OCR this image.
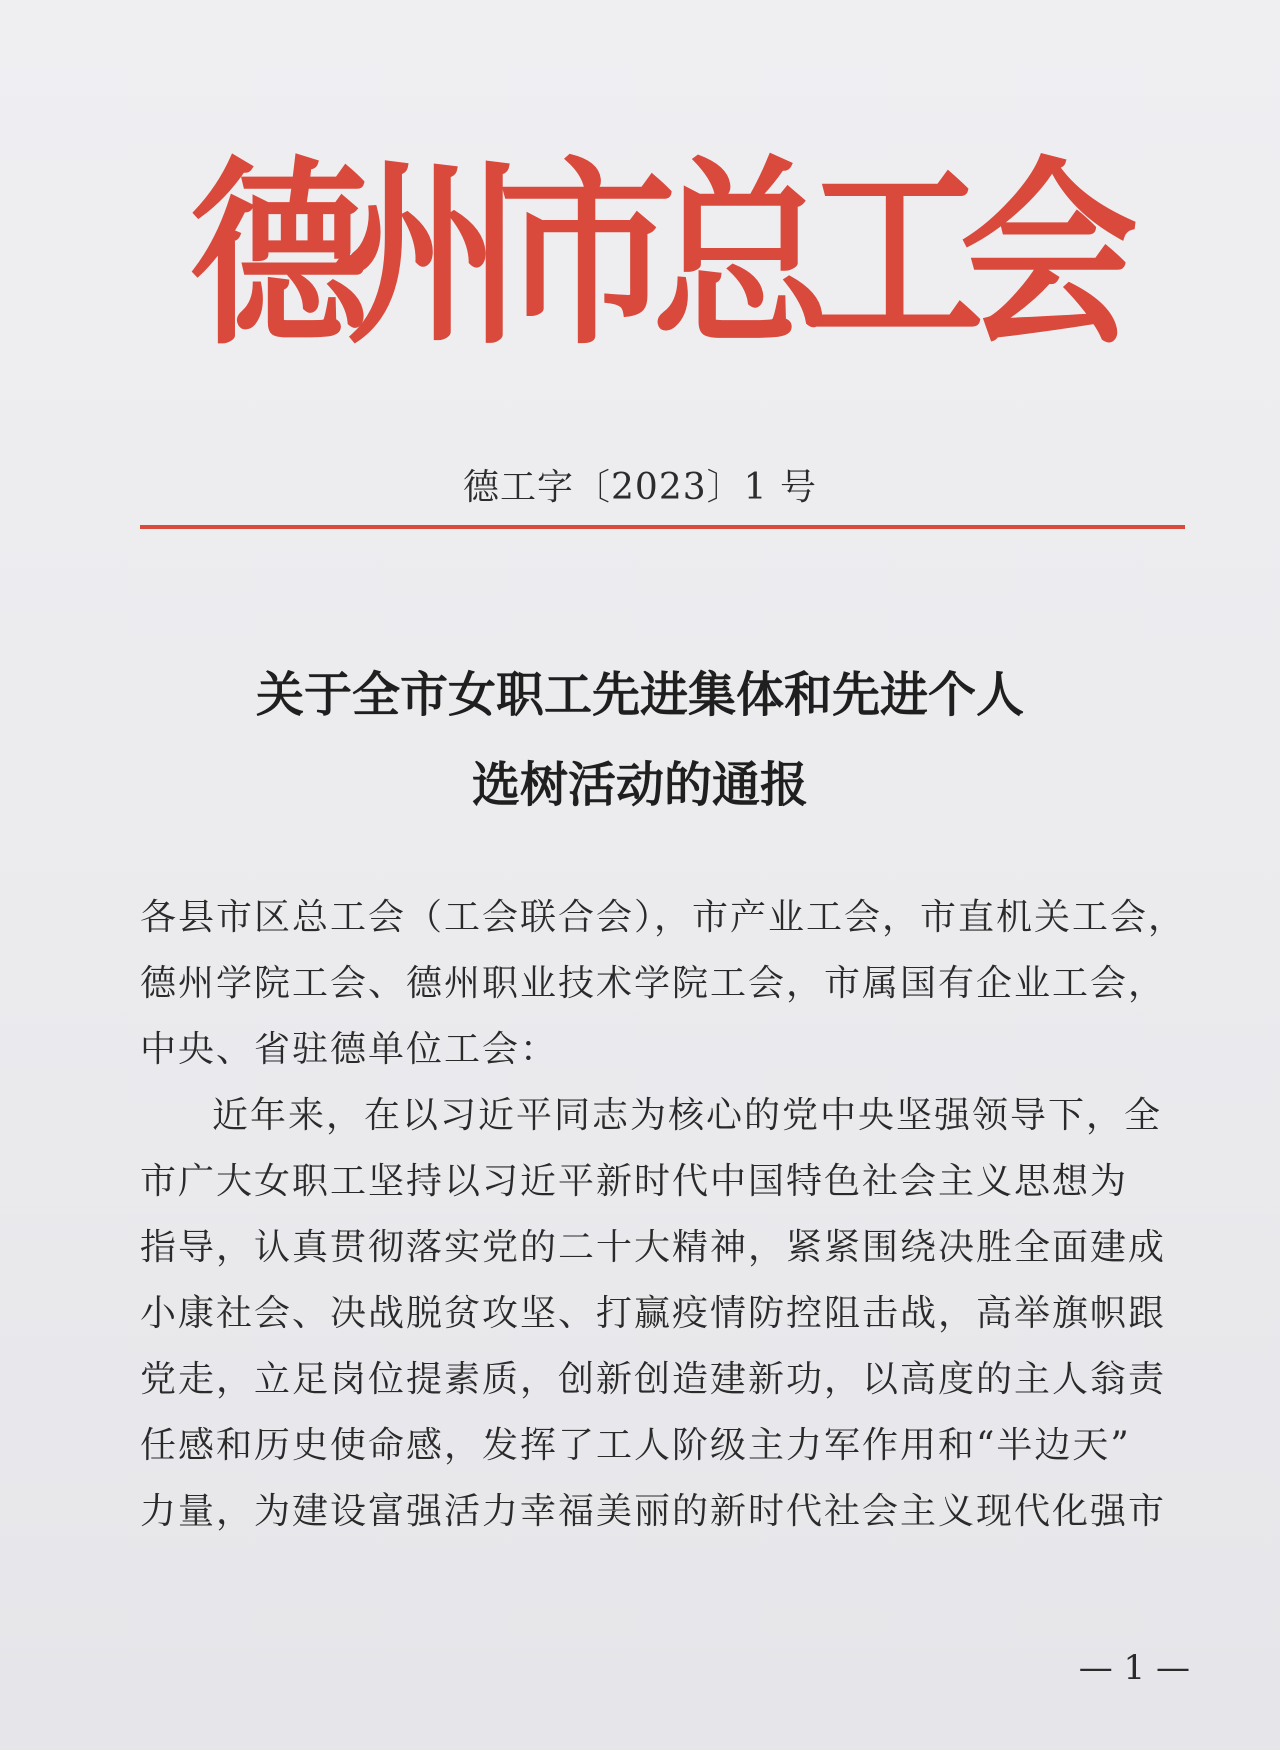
德
州
市
总
工
会
德工字〔2023〕1 号
关于全市女职工先进集体和先进个人
选树活动的通报
各县市区总工会（工会联合会），市产业工会，市直机关工会，
德州学院工会、德州职业技术学院工会，市属国有企业工会，
中央、省驻德单位工会：
近年来，在以习近平同志为核心的党中央坚强领导下，全
市广大女职工坚持以习近平新时代中国特色社会主义思想为
指导，认真贯彻落实党的二十大精神，紧紧围绕决胜全面建成
小康社会、决战脱贫攻坚、打赢疫情防控阻击战，高举旗帜跟
党走，立足岗位提素质，创新创造建新功，以高度的主人翁责
任感和历史使命感，发挥了工人阶级主力军作用和“半边天”
力量，为建设富强活力幸福美丽的新时代社会主义现代化强市
— 1 —
